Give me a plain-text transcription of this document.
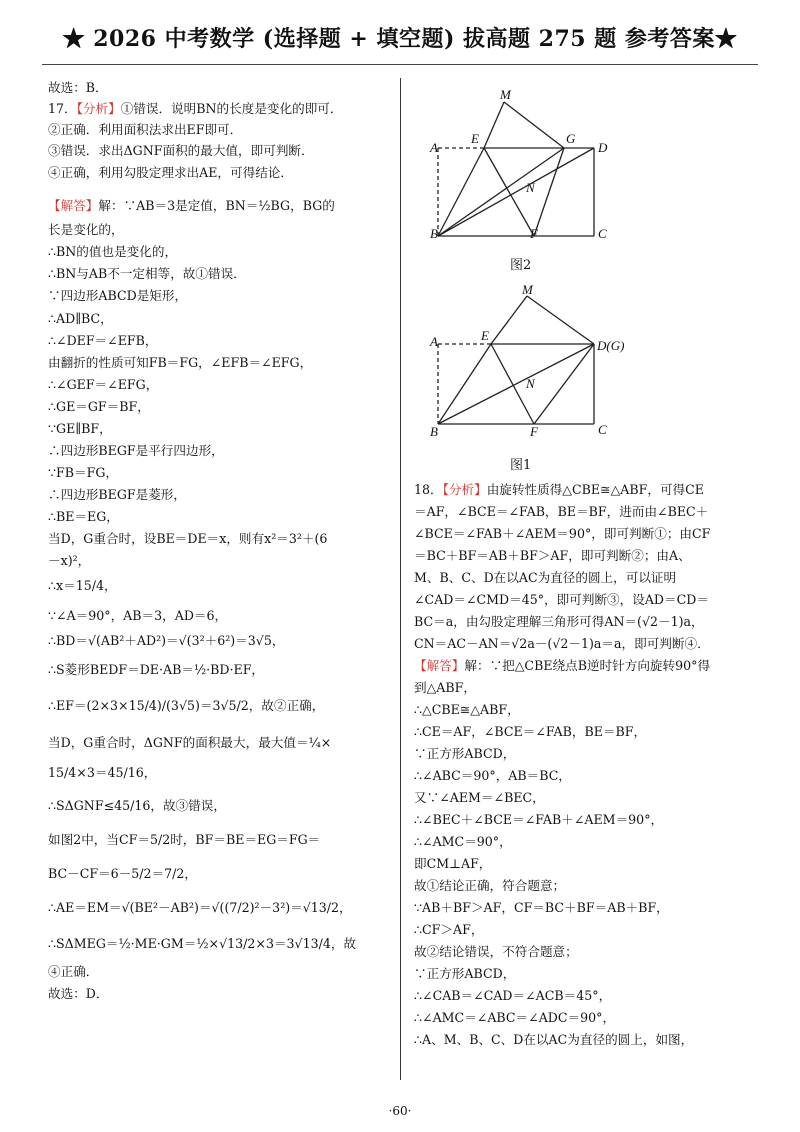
★ 2026 中考数学 (选择题 + 填空题) 拔高题 275 题 参考答案★
故选：B．
17．【分析】①错误．说明BN的长度是变化的即可．
②正确．利用面积法求出EF即可．
③错误．求出ΔGNF面积的最大值，即可判断．
④正确，利用勾股定理求出AE，可得结论．
【解答】解：∵AB＝3是定值，BN＝½BG，BG的
长是变化的，
∴BN的值也是变化的，
∴BN与AB不一定相等，故①错误．
∵四边形ABCD是矩形，
∴AD∥BC，
∴∠DEF＝∠EFB，
由翻折的性质可知FB＝FG，∠EFB＝∠EFG，
∴∠GEF＝∠EFG，
∴GE＝GF＝BF，
∵GE∥BF，
∴四边形BEGF是平行四边形，
∵FB＝FG，
∴四边形BEGF是菱形，
∴BE＝EG，
当D，G重合时，设BE＝DE＝x，则有x²＝3²＋(6
－x)²，
∴x＝15/4，
∵∠A＝90°，AB＝3，AD＝6，
∴BD＝√(AB²＋AD²)＝√(3²＋6²)＝3√5，
∴S菱形BEDF＝DE·AB＝½·BD·EF，
∴EF＝(2×3×15/4)/(3√5)＝3√5/2，故②正确，
当D，G重合时，ΔGNF的面积最大，最大值＝¼×
15/4×3＝45/16，
∴SΔGNF≤45/16，故③错误，
如图2中，当CF＝5/2时，BF＝BE＝EG＝FG＝
BC－CF＝6－5/2＝7/2，
∴AE＝EM＝√(BE²－AB²)＝√((7/2)²－3²)＝√13/2，
∴SΔMEG＝½·ME·GM＝½×√13/2×3＝3√13/4，故
④正确．
故选：D．
M
A
E	G
D
N
B	F	C
图2
M
A	E
D(G)
N
B	F	C
图1
18．【分析】由旋转性质得△CBE≅△ABF，可得CE
＝AF，∠BCE＝∠FAB，BE＝BF，进而由∠BEC＋
∠BCE＝∠FAB＋∠AEM＝90°，即可判断①；由CF
＝BC＋BF＝AB＋BF＞AF，即可判断②；由A、
M、B、C、D在以AC为直径的圆上，可以证明
∠CAD＝∠CMD＝45°，即可判断③，设AD＝CD＝
BC＝a，由勾股定理解三角形可得AN＝(√2－1)a，
CN＝AC－AN＝√2a－(√2－1)a＝a，即可判断④．
【解答】解：∵把△CBE绕点B逆时针方向旋转90°得
到△ABF，
∴△CBE≅△ABF，
∴CE＝AF，∠BCE＝∠FAB，BE＝BF，
∵正方形ABCD，
∴∠ABC＝90°，AB＝BC，
又∵∠AEM＝∠BEC，
∴∠BEC＋∠BCE＝∠FAB＋∠AEM＝90°，
∴∠AMC＝90°，
即CM⊥AF，
故①结论正确，符合题意；
∵AB＋BF＞AF，CF＝BC＋BF＝AB＋BF，
∴CF＞AF，
故②结论错误，不符合题意；
∵正方形ABCD，
∴∠CAB＝∠CAD＝∠ACB＝45°，
∴∠AMC＝∠ABC＝∠ADC＝90°，
∴A、M、B、C、D在以AC为直径的圆上，如图，
·60·
